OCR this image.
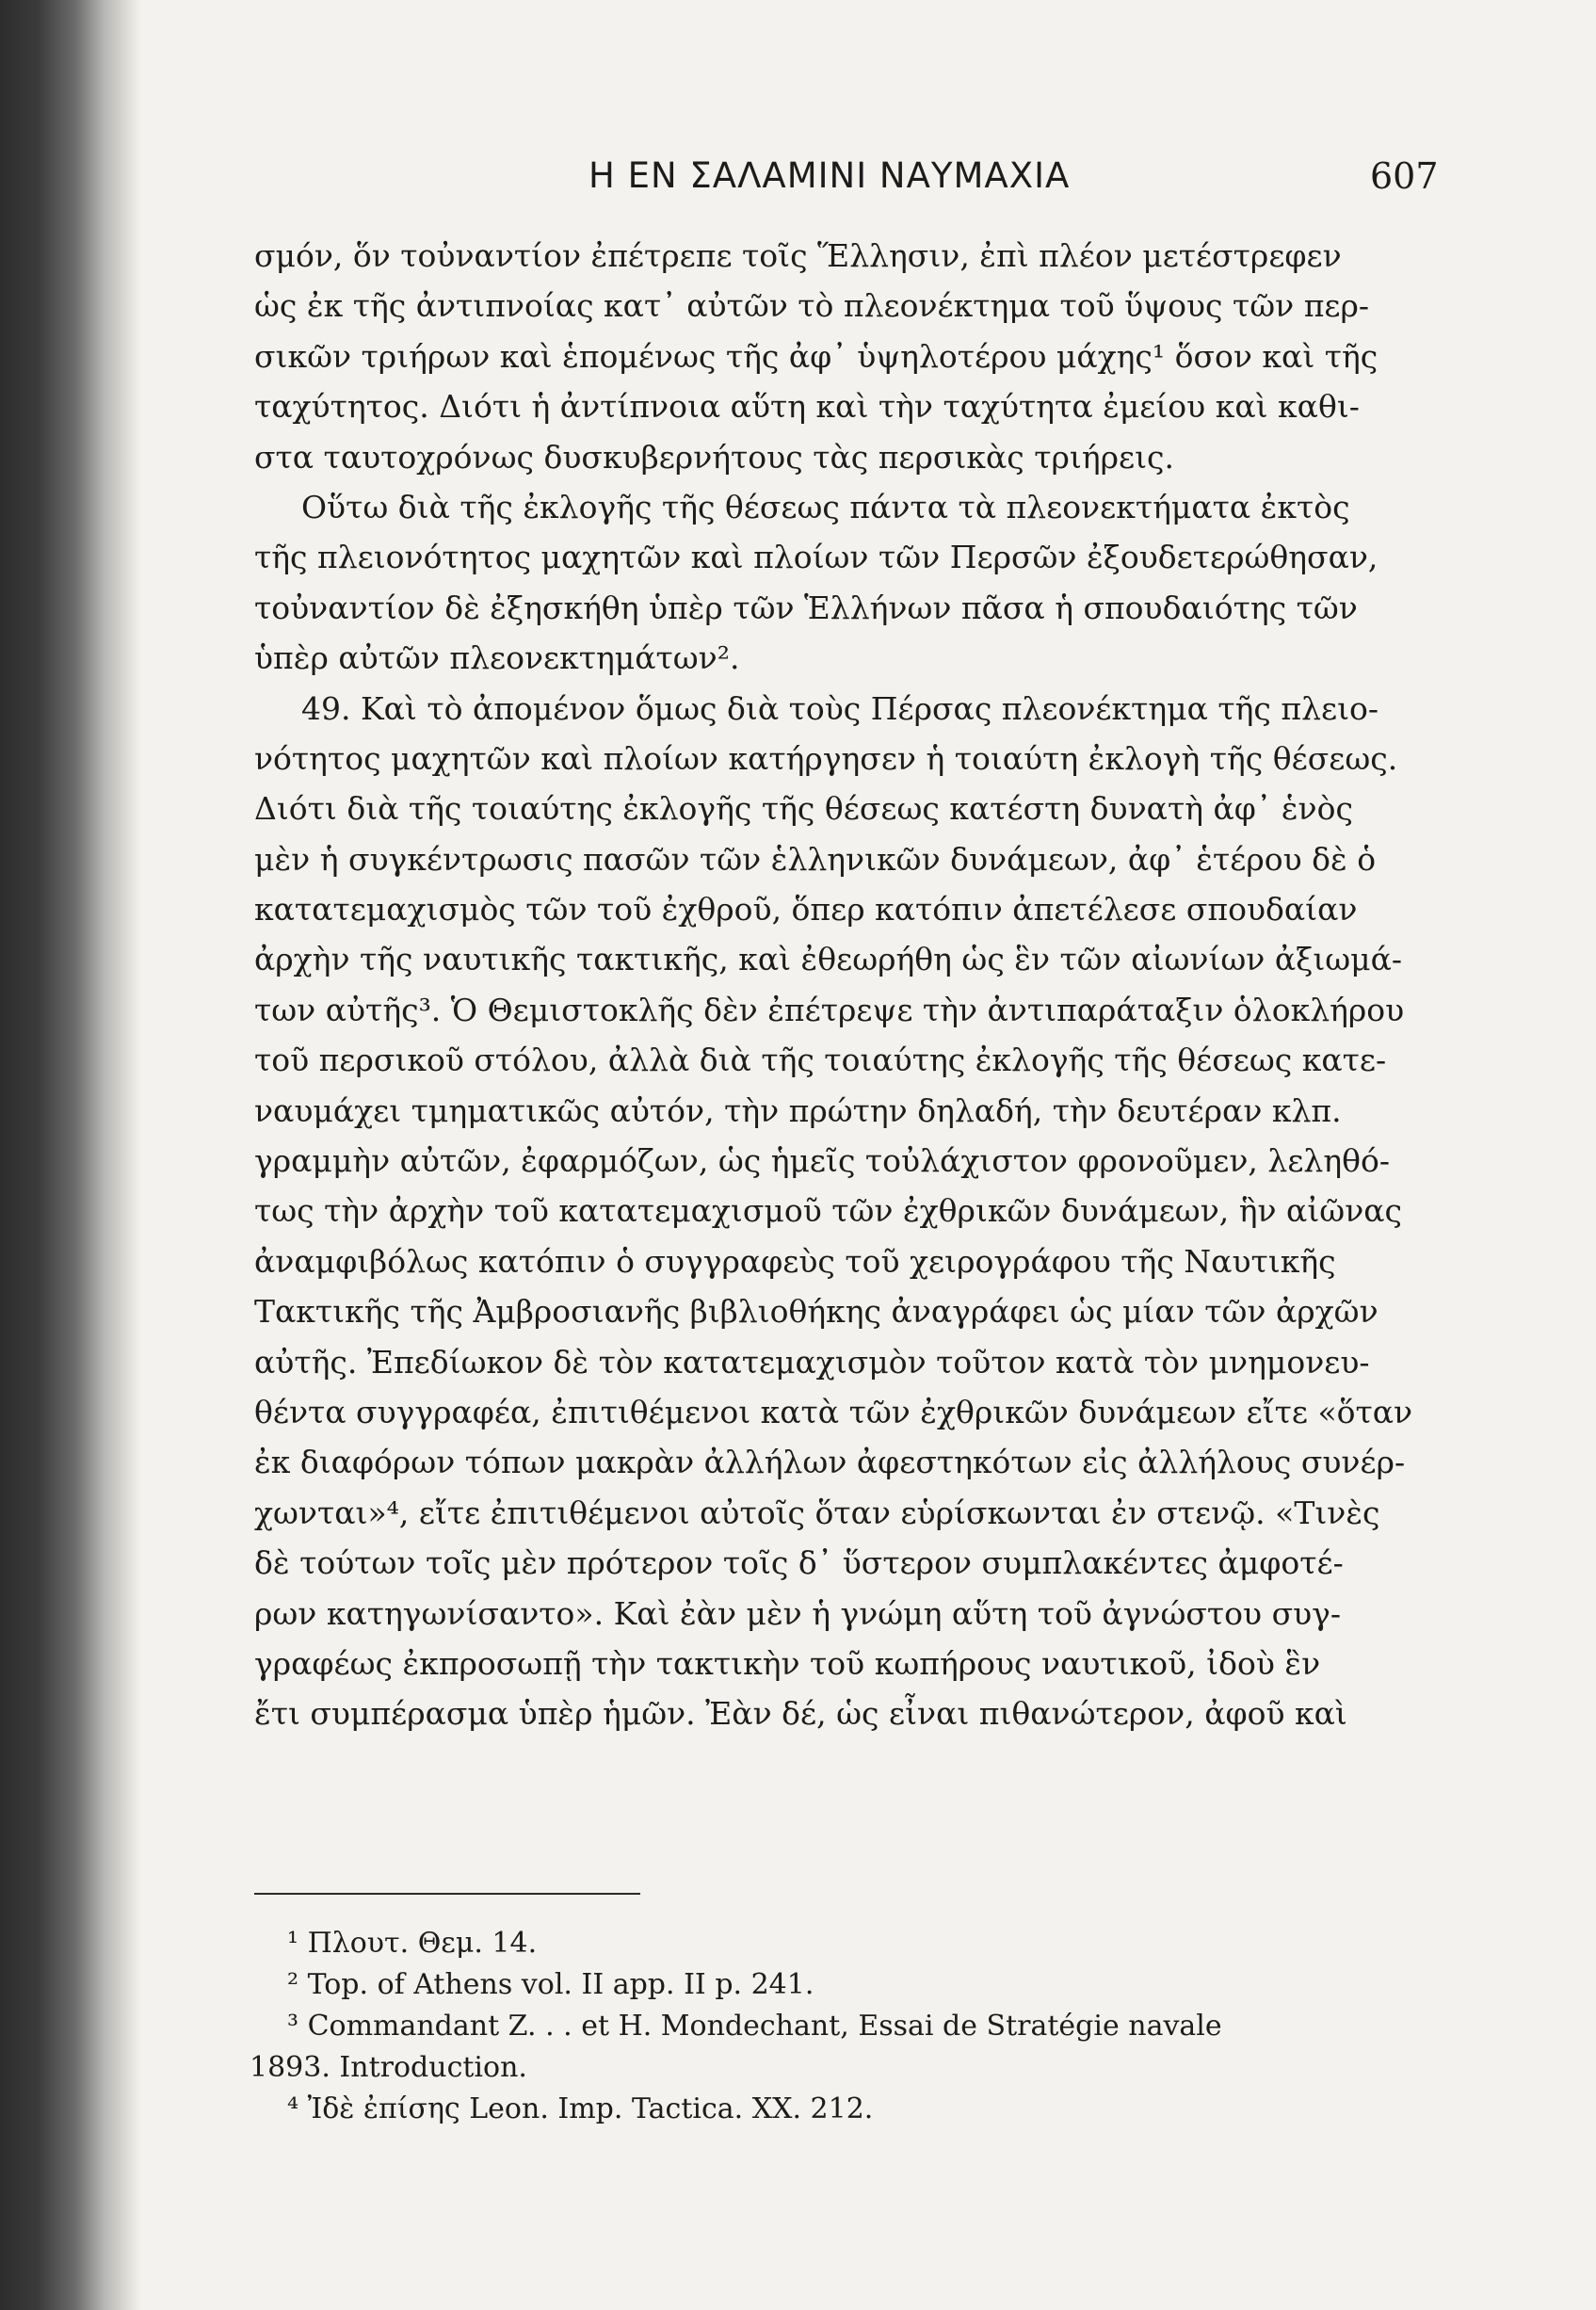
Η ΕΝ ΣΑΛΑΜΙΝΙ ΝΑΥΜΑΧΙΑ	607
σμόν, ὅν τοὐναντίον ἐπέτρεπε τοῖς Ἕλλησιν, ἐπὶ πλέον μετέστρεφεν
ὡς ἐκ τῆς ἀντιπνοίας κατ᾽ αὐτῶν τὸ πλεονέκτημα τοῦ ὕψους τῶν περ-
σικῶν τριήρων καὶ ἑπομένως τῆς ἀφ᾽ ὑψηλοτέρου μάχης¹ ὅσον καὶ τῆς
ταχύτητος. Διότι ἡ ἀντίπνοια αὕτη καὶ τὴν ταχύτητα ἐμείου καὶ καθι-
στα ταυτοχρόνως δυσκυβερνήτους τὰς περσικὰς τριήρεις.
Οὕτω διὰ τῆς ἐκλογῆς τῆς θέσεως πάντα τὰ πλεονεκτήματα ἐκτὸς
τῆς πλειονότητος μαχητῶν καὶ πλοίων τῶν Περσῶν ἐξουδετερώθησαν,
τοὐναντίον δὲ ἐξησκήθη ὑπὲρ τῶν Ἑλλήνων πᾶσα ἡ σπουδαιότης τῶν
ὑπὲρ αὐτῶν πλεονεκτημάτων².
49. Καὶ τὸ ἀπομένον ὅμως διὰ τοὺς Πέρσας πλεονέκτημα τῆς πλειο-
νότητος μαχητῶν καὶ πλοίων κατήργησεν ἡ τοιαύτη ἐκλογὴ τῆς θέσεως.
Διότι διὰ τῆς τοιαύτης ἐκλογῆς τῆς θέσεως κατέστη δυνατὴ ἀφ᾽ ἑνὸς
μὲν ἡ συγκέντρωσις πασῶν τῶν ἑλληνικῶν δυνάμεων, ἀφ᾽ ἑτέρου δὲ ὁ
κατατεμαχισμὸς τῶν τοῦ ἐχθροῦ, ὅπερ κατόπιν ἀπετέλεσε σπουδαίαν
ἀρχὴν τῆς ναυτικῆς τακτικῆς, καὶ ἐθεωρήθη ὡς ἓν τῶν αἰωνίων ἀξιωμά-
των αὐτῆς³. Ὁ Θεμιστοκλῆς δὲν ἐπέτρεψε τὴν ἀντιπαράταξιν ὁλοκλήρου
τοῦ περσικοῦ στόλου, ἀλλὰ διὰ τῆς τοιαύτης ἐκλογῆς τῆς θέσεως κατε-
ναυμάχει τμηματικῶς αὐτόν, τὴν πρώτην δηλαδή, τὴν δευτέραν κλπ.
γραμμὴν αὐτῶν, ἐφαρμόζων, ὡς ἡμεῖς τοὐλάχιστον φρονοῦμεν, λεληθό-
τως τὴν ἀρχὴν τοῦ κατατεμαχισμοῦ τῶν ἐχθρικῶν δυνάμεων, ἣν αἰῶνας
ἀναμφιβόλως κατόπιν ὁ συγγραφεὺς τοῦ χειρογράφου τῆς Ναυτικῆς
Τακτικῆς τῆς Ἀμβροσιανῆς βιβλιοθήκης ἀναγράφει ὡς μίαν τῶν ἀρχῶν
αὐτῆς. Ἐπεδίωκον δὲ τὸν κατατεμαχισμὸν τοῦτον κατὰ τὸν μνημονευ-
θέντα συγγραφέα, ἐπιτιθέμενοι κατὰ τῶν ἐχθρικῶν δυνάμεων εἴτε «ὅταν
ἐκ διαφόρων τόπων μακρὰν ἀλλήλων ἀφεστηκότων εἰς ἀλλήλους συνέρ-
χωνται»⁴, εἴτε ἐπιτιθέμενοι αὐτοῖς ὅταν εὑρίσκωνται ἐν στενῷ. «Τινὲς
δὲ τούτων τοῖς μὲν πρότερον τοῖς δ᾽ ὕστερον συμπλακέντες ἀμφοτέ-
ρων κατηγωνίσαντο». Καὶ ἐὰν μὲν ἡ γνώμη αὕτη τοῦ ἀγνώστου συγ-
γραφέως ἐκπροσωπῇ τὴν τακτικὴν τοῦ κωπήρους ναυτικοῦ, ἰδοὺ ἓν
ἔτι συμπέρασμα ὑπὲρ ἡμῶν. Ἐὰν δέ, ὡς εἶναι πιθανώτερον, ἀφοῦ καὶ
¹ Πλουτ. Θεμ. 14.
² Top. of Athens vol. II app. II p. 241.
³ Commandant Z. . . et H. Mondechant, Essai de Stratégie navale
1893. Introduction.
⁴ Ἰδὲ ἐπίσης Leon. Imp. Tactica. XX. 212.
